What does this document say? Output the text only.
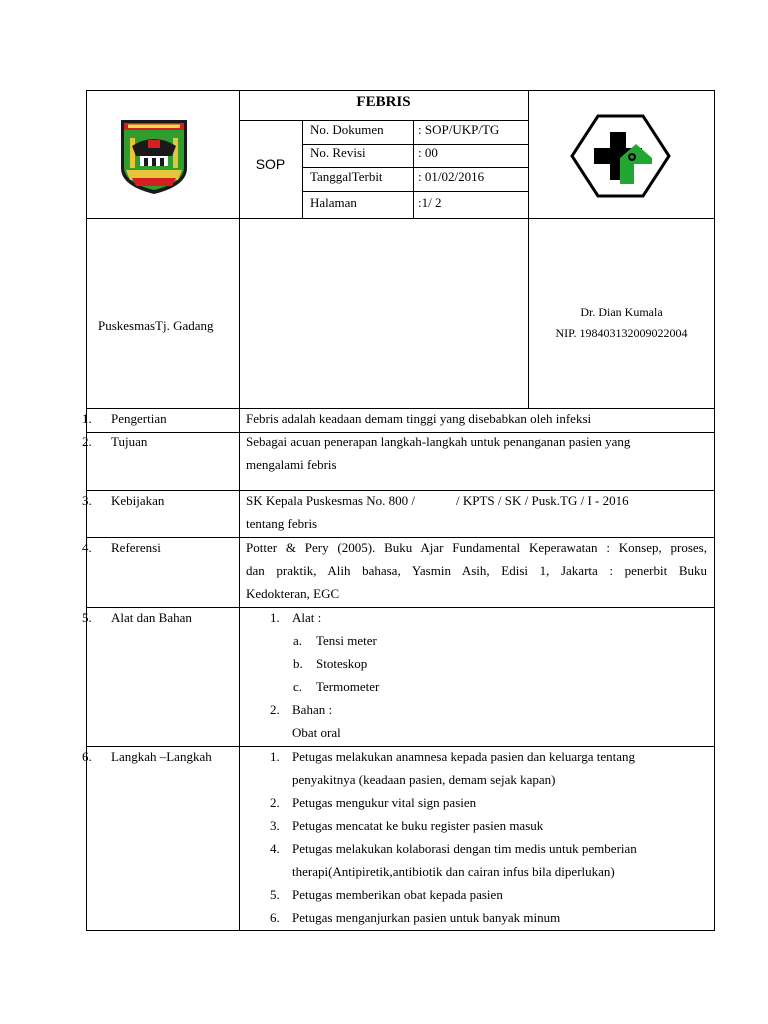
FEBRIS
SOP
No. Dokumen	: SOP/UKP/TG
No. Revisi	: 00
TanggalTerbit	: 01/02/2016
Halaman	:1/ 2
PuskesmasTj. Gadang
Dr. Dian Kumala
NIP. 198403132009022004
1. Pengertian	Febris adalah keadaan demam tinggi yang disebabkan oleh infeksi
2. Tujuan	Sebagai acuan penerapan langkah-langkah untuk penanganan pasien yang
mengalami febris
3. Kebijakan	SK Kepala Puskesmas No. 800 /	/ KPTS / SK / Pusk.TG / I - 2016
tentang febris
4. Referensi	Potter & Pery (2005). Buku Ajar Fundamental Keperawatan : Konsep, proses,
dan praktik, Alih bahasa, Yasmin Asih, Edisi 1, Jakarta : penerbit Buku
Kedokteran, EGC
5. Alat dan Bahan	1. Alat :
a. Tensi meter
b. Stoteskop
c. Termometer
2. Bahan :
Obat oral
6. Langkah –Langkah	1. Petugas melakukan anamnesa kepada pasien dan keluarga tentang
penyakitnya (keadaan pasien, demam sejak kapan)
2. Petugas mengukur vital sign pasien
3. Petugas mencatat ke buku register pasien masuk
4. Petugas melakukan kolaborasi dengan tim medis untuk pemberian
therapi(Antipiretik,antibiotik dan cairan infus bila diperlukan)
5. Petugas memberikan obat kepada pasien
6. Petugas menganjurkan pasien untuk banyak minum
